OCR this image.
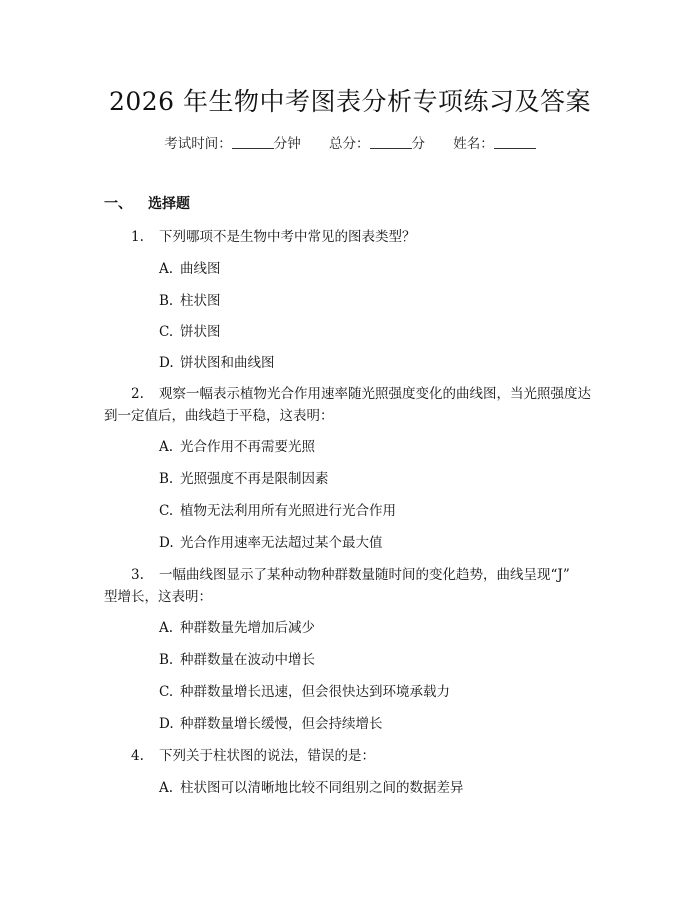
2026 年生物中考图表分析专项练习及答案
考试时间：	分钟 总分：	分 姓名：
一、 选择题
1. 下列哪项不是生物中考中常见的图表类型？
A. 曲线图
B. 柱状图
C. 饼状图
D. 饼状图和曲线图
2. 观察一幅表示植物光合作用速率随光照强度变化的曲线图，当光照强度达
到一定值后，曲线趋于平稳，这表明：
A. 光合作用不再需要光照
B. 光照强度不再是限制因素
C. 植物无法利用所有光照进行光合作用
D. 光合作用速率无法超过某个最大值
3. 一幅曲线图显示了某种动物种群数量随时间的变化趋势，曲线呈现“J”
型增长，这表明：
A. 种群数量先增加后减少
B. 种群数量在波动中增长
C. 种群数量增长迅速，但会很快达到环境承载力
D. 种群数量增长缓慢，但会持续增长
4. 下列关于柱状图的说法，错误的是：
A. 柱状图可以清晰地比较不同组别之间的数据差异
